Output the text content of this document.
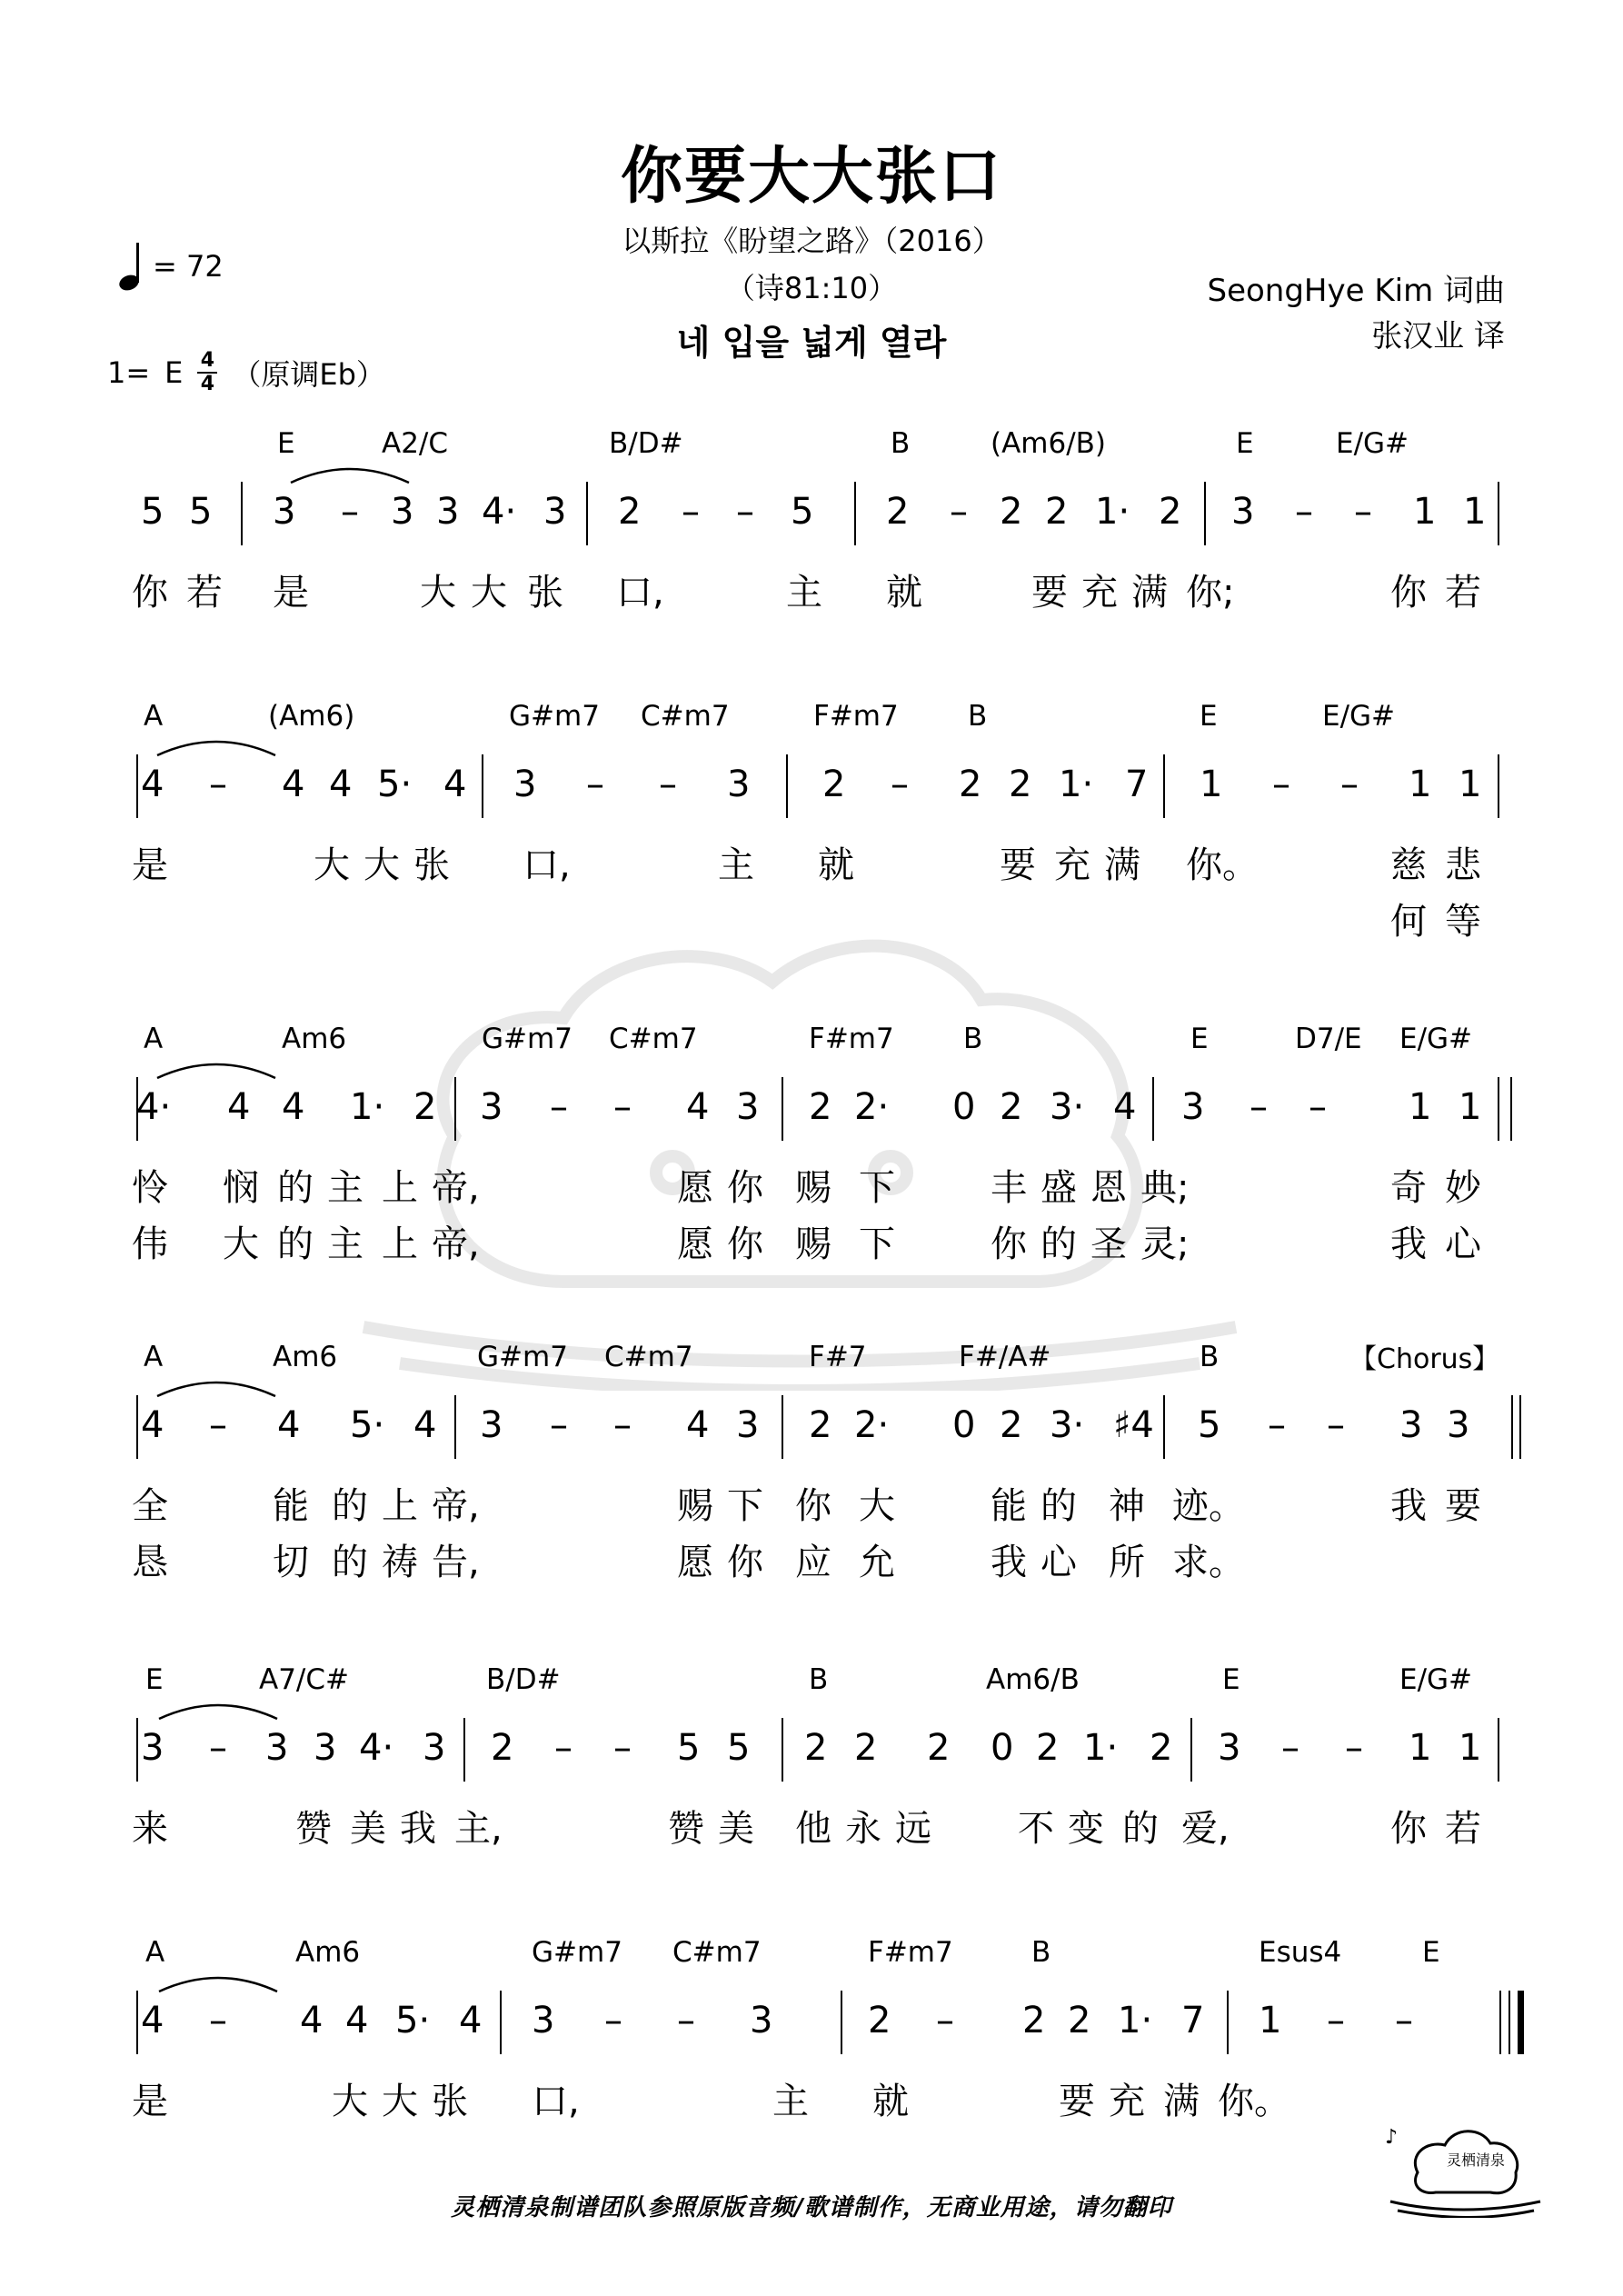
你要大大张口
以斯拉《盼望之路》（2016）
（诗81:10）
네 입을 넓게 열라
SeongHye Kim 词曲
张汉业 译
= 72
1= E 4
4 （原调Eb）
【Chorus】
E	A2/C	B/D#	B	(Am6/B)	E	E/G#
5 5 3 – 3 3 4· 3 2 – – 5 2 – 2 2 1· 2 3 – – 1 1
你 若 是	大 大 张 口,	主 就	要 充 满 你;	你 若
A	(Am6)	G#m7 C#m7	F#m7 B	E	E/G#
4 – 4 4 5· 4 3 – – 3 2 – 2 2 1· 7 1 – – 1 1
是	大 大 张 口,	主 就	要 充 满 你。	慈 悲
何 等
A	Am6	G#m7 C#m7	F#m7 B	E	D7/E E/G#
4· 4 4 1· 2 3 – – 4 3 2 2· 0 2 3· 4 3 – – 1 1
怜 悯 的 主 上 帝,	愿 你 赐 下	丰 盛 恩 典;	奇 妙
伟 大 的 主 上 帝,	愿 你 赐 下	你 的 圣 灵;	我 心
A	Am6	G#m7 C#m7	F#7	F#/A#	B
4 – 4 5· 4 3 – – 4 3 2 2· 0 2 3· ♯4 5 – – 3 3
全	能 的 上 帝,	赐 下 你 大	能 的 神 迹。	我 要
恳	切 的 祷 告,	愿 你 应 允	我 心 所 求。
E	A7/C#	B/D#	B	Am6/B	E	E/G#
3 – 3 3 4· 3 2 – – 5 5 2 2 2 0 2 1· 2 3 – – 1 1
来	赞 美 我 主,	赞 美 他 永 远 不 变 的 爱,	你 若
A	Am6	G#m7 C#m7	F#m7	B	Esus4	E
4 – 4 4 5· 4 3 – – 3	2 – 2 2 1· 7 1 – –
是	大 大 张 口,	主 就	要 充 满 你。
灵栖清泉制谱团队参照原版音频/歌谱制作，无商业用途，请勿翻印
灵栖清泉
♪
